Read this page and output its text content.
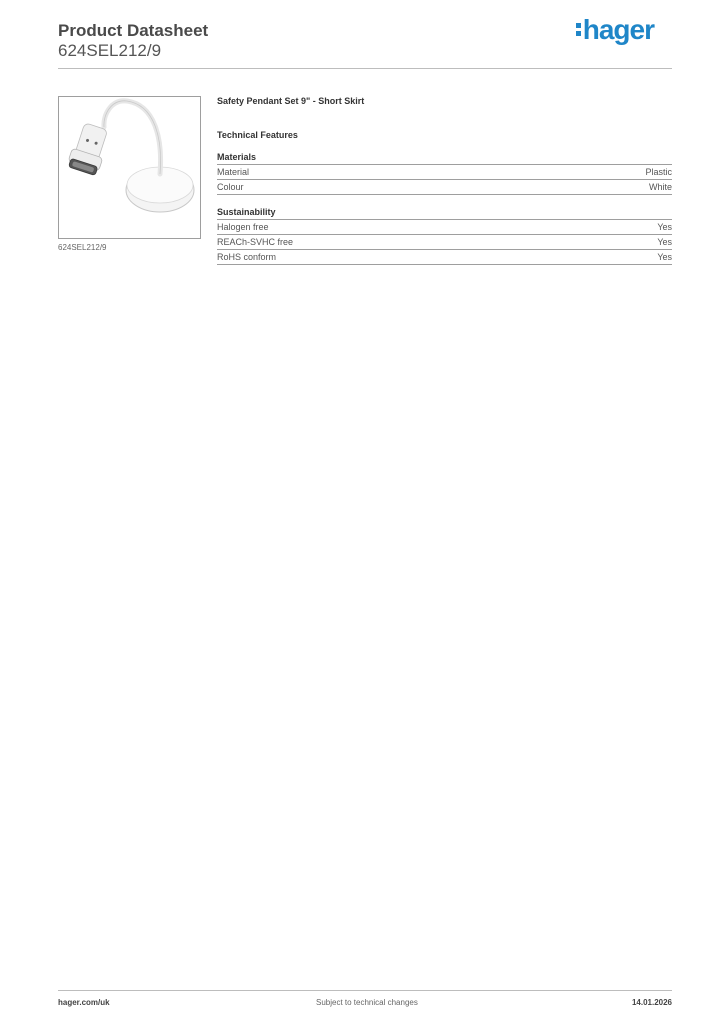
Product Datasheet
624SEL212/9
hager
624SEL212/9
Safety Pendant Set 9" - Short Skirt
Technical Features
Materials
Material	Plastic
Colour	White
Sustainability
Halogen free	Yes
REACh-SVHC free	Yes
RoHS conform	Yes
hager.com/uk	Subject to technical changes	14.01.2026
